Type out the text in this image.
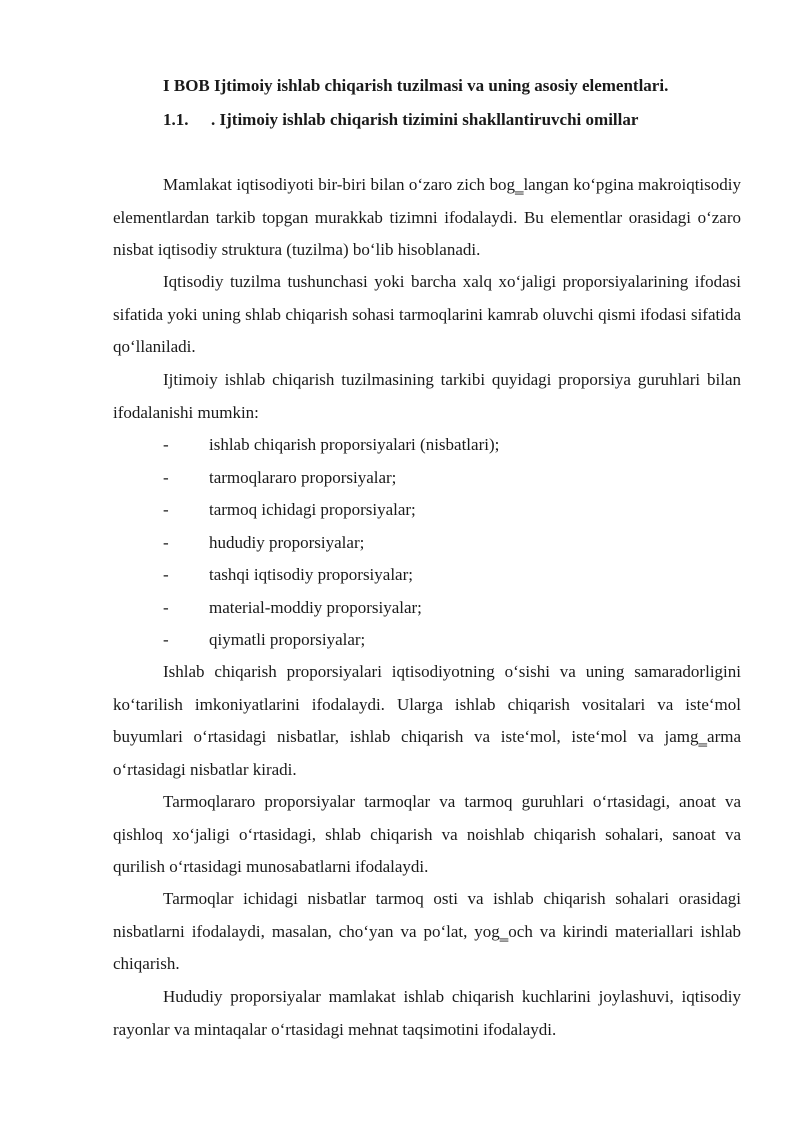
I BOB Ijtimoiy ishlab chiqarish tuzilmasi va uning asosiy elementlari.
1.1. . Ijtimoiy ishlab chiqarish tizimini shakllantiruvchi omillar

Mamlakat iqtisodiyoti bir-biri bilan o‘zaro zich bog‗langan ko‘pgina makroiqtisodiy elementlardan tarkib topgan murakkab tizimni ifodalaydi. Bu elementlar orasidagi o‘zaro nisbat iqtisodiy struktura (tuzilma) bo‘lib hisoblanadi.

Iqtisodiy tuzilma tushunchasi yoki barcha xalq xo‘jaligi proporsiyalarining ifodasi sifatida yoki uning shlab chiqarish sohasi tarmoqlarini kamrab oluvchi qismi ifodasi sifatida qo‘llaniladi.

Ijtimoiy ishlab chiqarish tuzilmasining tarkibi quyidagi proporsiya guruhlari bilan ifodalanishi mumkin:

- ishlab chiqarish proporsiyalari (nisbatlari);
- tarmoqlararo proporsiyalar;
- tarmoq ichidagi proporsiyalar;
- hududiy proporsiyalar;
- tashqi iqtisodiy proporsiyalar;
- material-moddiy proporsiyalar;
- qiymatli proporsiyalar;

Ishlab chiqarish proporsiyalari iqtisodiyotning o‘sishi va uning samaradorligini ko‘tarilish imkoniyatlarini ifodalaydi. Ularga ishlab chiqarish vositalari va iste‘mol buyumlari o‘rtasidagi nisbatlar, ishlab chiqarish va iste‘mol, iste‘mol va jamg‗arma o‘rtasidagi nisbatlar kiradi.

Tarmoqlararo proporsiyalar tarmoqlar va tarmoq guruhlari o‘rtasidagi, anoat va qishloq xo‘jaligi o‘rtasidagi, shlab chiqarish va noishlab chiqarish sohalari, sanoat va qurilish o‘rtasidagi munosabatlarni ifodalaydi.

Tarmoqlar ichidagi nisbatlar tarmoq osti va ishlab chiqarish sohalari orasidagi nisbatlarni ifodalaydi, masalan, cho‘yan va po‘lat, yog‗och va kirindi materiallari ishlab chiqarish.

Hududiy proporsiyalar mamlakat ishlab chiqarish kuchlarini joylashuvi, iqtisodiy rayonlar va mintaqalar o‘rtasidagi mehnat taqsimotini ifodalaydi.
